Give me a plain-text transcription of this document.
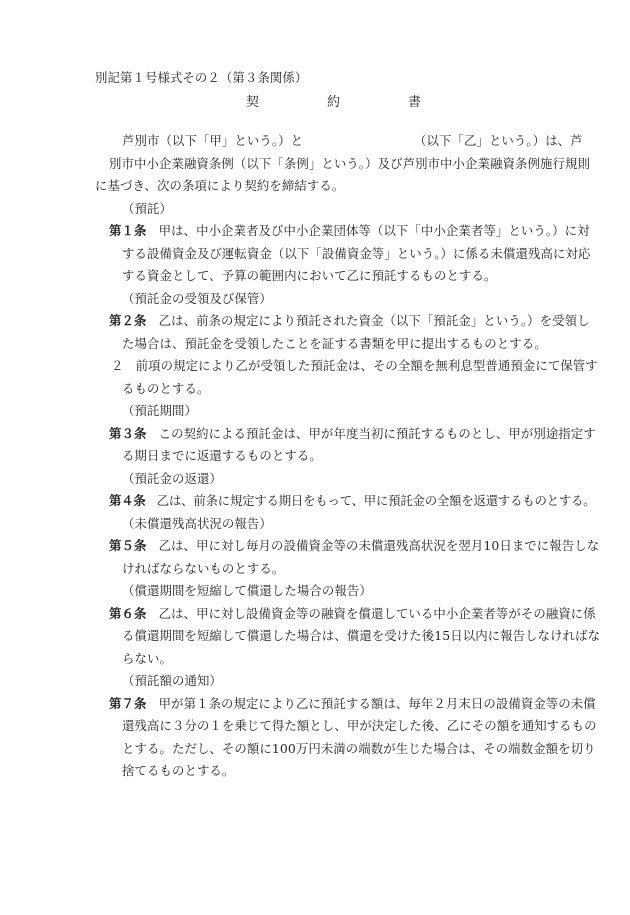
別記第１号様式その２（第３条関係）
契	約	書
芦別市（以下「甲」という。）と	（以下「乙」という。）は、芦
別市中小企業融資条例（以下「条例」という。）及び芦別市中小企業融資条例施行規則
に基づき、次の条項により契約を締結する。
（預託）
第１条 甲は、中小企業者及び中小企業団体等（以下「中小企業者等」という。）に対
する設備資金及び運転資金（以下「設備資金等」という。）に係る未償還残高に対応
する資金として、予算の範囲内において乙に預託するものとする。
（預託金の受領及び保管）
第２条 乙は、前条の規定により預託された資金（以下「預託金」という。）を受領し
た場合は、預託金を受領したことを証する書類を甲に提出するものとする。
２ 前項の規定により乙が受領した預託金は、その全額を無利息型普通預金にて保管す
るものとする。
（預託期間）
第３条 この契約による預託金は、甲が年度当初に預託するものとし、甲が別途指定す
る期日までに返還するものとする。
（預託金の返還）
第４条 乙は、前条に規定する期日をもって、甲に預託金の全額を返還するものとする。
（未償還残高状況の報告）
第５条 乙は、甲に対し毎月の設備資金等の未償還残高状況を翌月10日までに報告しな
ければならないものとする。
（償還期間を短縮して償還した場合の報告）
第６条 乙は、甲に対し設備資金等の融資を償還している中小企業者等がその融資に係
る償還期間を短縮して償還した場合は、償還を受けた後15日以内に報告しなければな
らない。
（預託額の通知）
第７条 甲が第１条の規定により乙に預託する額は、毎年２月末日の設備資金等の未償
還残高に３分の１を乗じて得た額とし、甲が決定した後、乙にその額を通知するもの
とする。ただし、その額に100万円未満の端数が生じた場合は、その端数金額を切り
捨てるものとする。
